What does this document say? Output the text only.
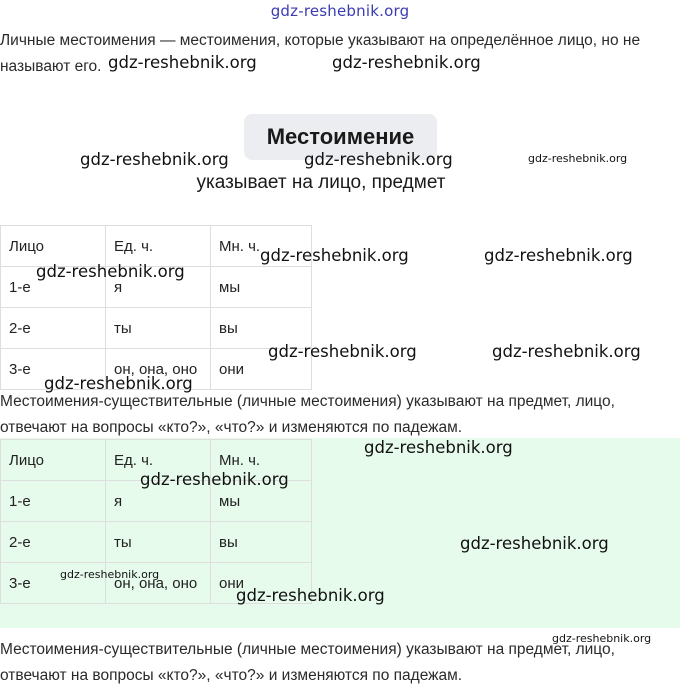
gdz-reshebnik.org
Личные местоимения — местоимения, которые указывают на определённое лицо, но не называют его.
Местоимение
указывает на лицо, предмет
Лицо	Ед. ч.	Мн. ч.
1-е	я	мы
2-е	ты	вы
3-е	он, она, оно	они
Местоимения-существительные (личные местоимения) указывают на предмет, лицо, отвечают на вопросы «кто?», «что?» и изменяются по падежам.
Лицо	Ед. ч.	Мн. ч.
1-е	я	мы
2-е	ты	вы
3-е	он, она, оно	они
Местоимения-существительные (личные местоимения) указывают на предмет, лицо, отвечают на вопросы «кто?», «что?» и изменяются по падежам.
gdz-reshebnik.org	gdz-reshebnik.org
gdz-reshebnik.org	gdz-reshebnik.org	gdz-reshebnik.org
gdz-reshebnik.org	gdz-reshebnik.org
gdz-reshebnik.org
gdz-reshebnik.org	gdz-reshebnik.org
gdz-reshebnik.org
gdz-reshebnik.org
gdz-reshebnik.org
gdz-reshebnik.org
gdz-reshebnik.org
gdz-reshebnik.org
gdz-reshebnik.org
